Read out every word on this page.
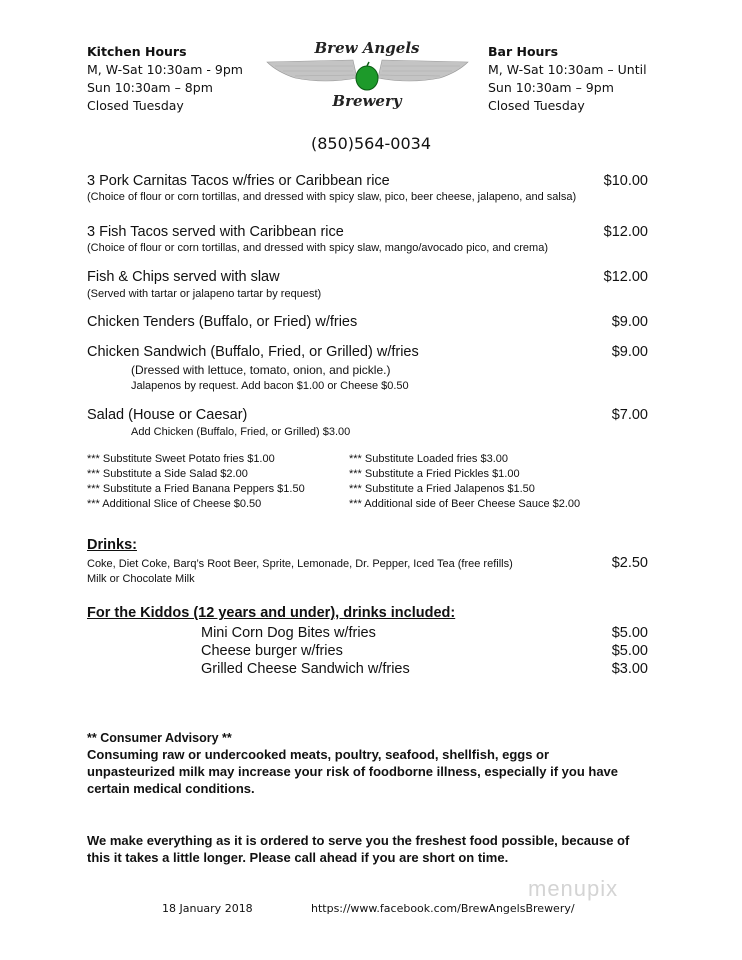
Kitchen Hours
M, W-Sat 10:30am - 9pm
Sun 10:30am – 8pm
Closed Tuesday
Bar Hours
M, W-Sat 10:30am – Until
Sun 10:30am – 9pm
Closed Tuesday
Brew Angels
Brewery
(850)564-0034
3 Pork Carnitas Tacos w/fries or Caribbean rice	$10.00
(Choice of flour or corn tortillas, and dressed with spicy slaw, pico, beer cheese, jalapeno, and salsa)
3 Fish Tacos served with Caribbean rice	$12.00
(Choice of flour or corn tortillas, and dressed with spicy slaw, mango/avocado pico, and crema)
Fish & Chips served with slaw	$12.00
(Served with tartar or jalapeno tartar by request)
Chicken Tenders (Buffalo, or Fried) w/fries	$9.00
Chicken Sandwich (Buffalo, Fried, or Grilled) w/fries	$9.00
(Dressed with lettuce, tomato, onion, and pickle.)
Jalapenos by request. Add bacon $1.00 or Cheese $0.50
Salad (House or Caesar)	$7.00
Add Chicken (Buffalo, Fried, or Grilled) $3.00
*** Substitute Sweet Potato fries $1.00
*** Substitute a Side Salad $2.00
*** Substitute a Fried Banana Peppers $1.50
*** Additional Slice of Cheese $0.50
*** Substitute Loaded fries $3.00
*** Substitute a Fried Pickles $1.00
*** Substitute a Fried Jalapenos $1.50
*** Additional side of Beer Cheese Sauce $2.00
Drinks:
Coke, Diet Coke, Barq’s Root Beer, Sprite, Lemonade, Dr. Pepper, Iced Tea (free refills)
Milk or Chocolate Milk
$2.50
For the Kiddos (12 years and under), drinks included:
Mini Corn Dog Bites w/fries	$5.00
Cheese burger w/fries	$5.00
Grilled Cheese Sandwich w/fries	$3.00
** Consumer Advisory **
Consuming raw or undercooked meats, poultry, seafood, shellfish, eggs or
unpasteurized milk may increase your risk of foodborne illness, especially if you have
certain medical conditions.
We make everything as it is ordered to serve you the freshest food possible, because of
this it takes a little longer. Please call ahead if you are short on time.
18 January 2018	https://www.facebook.com/BrewAngelsBrewery/
menupix
